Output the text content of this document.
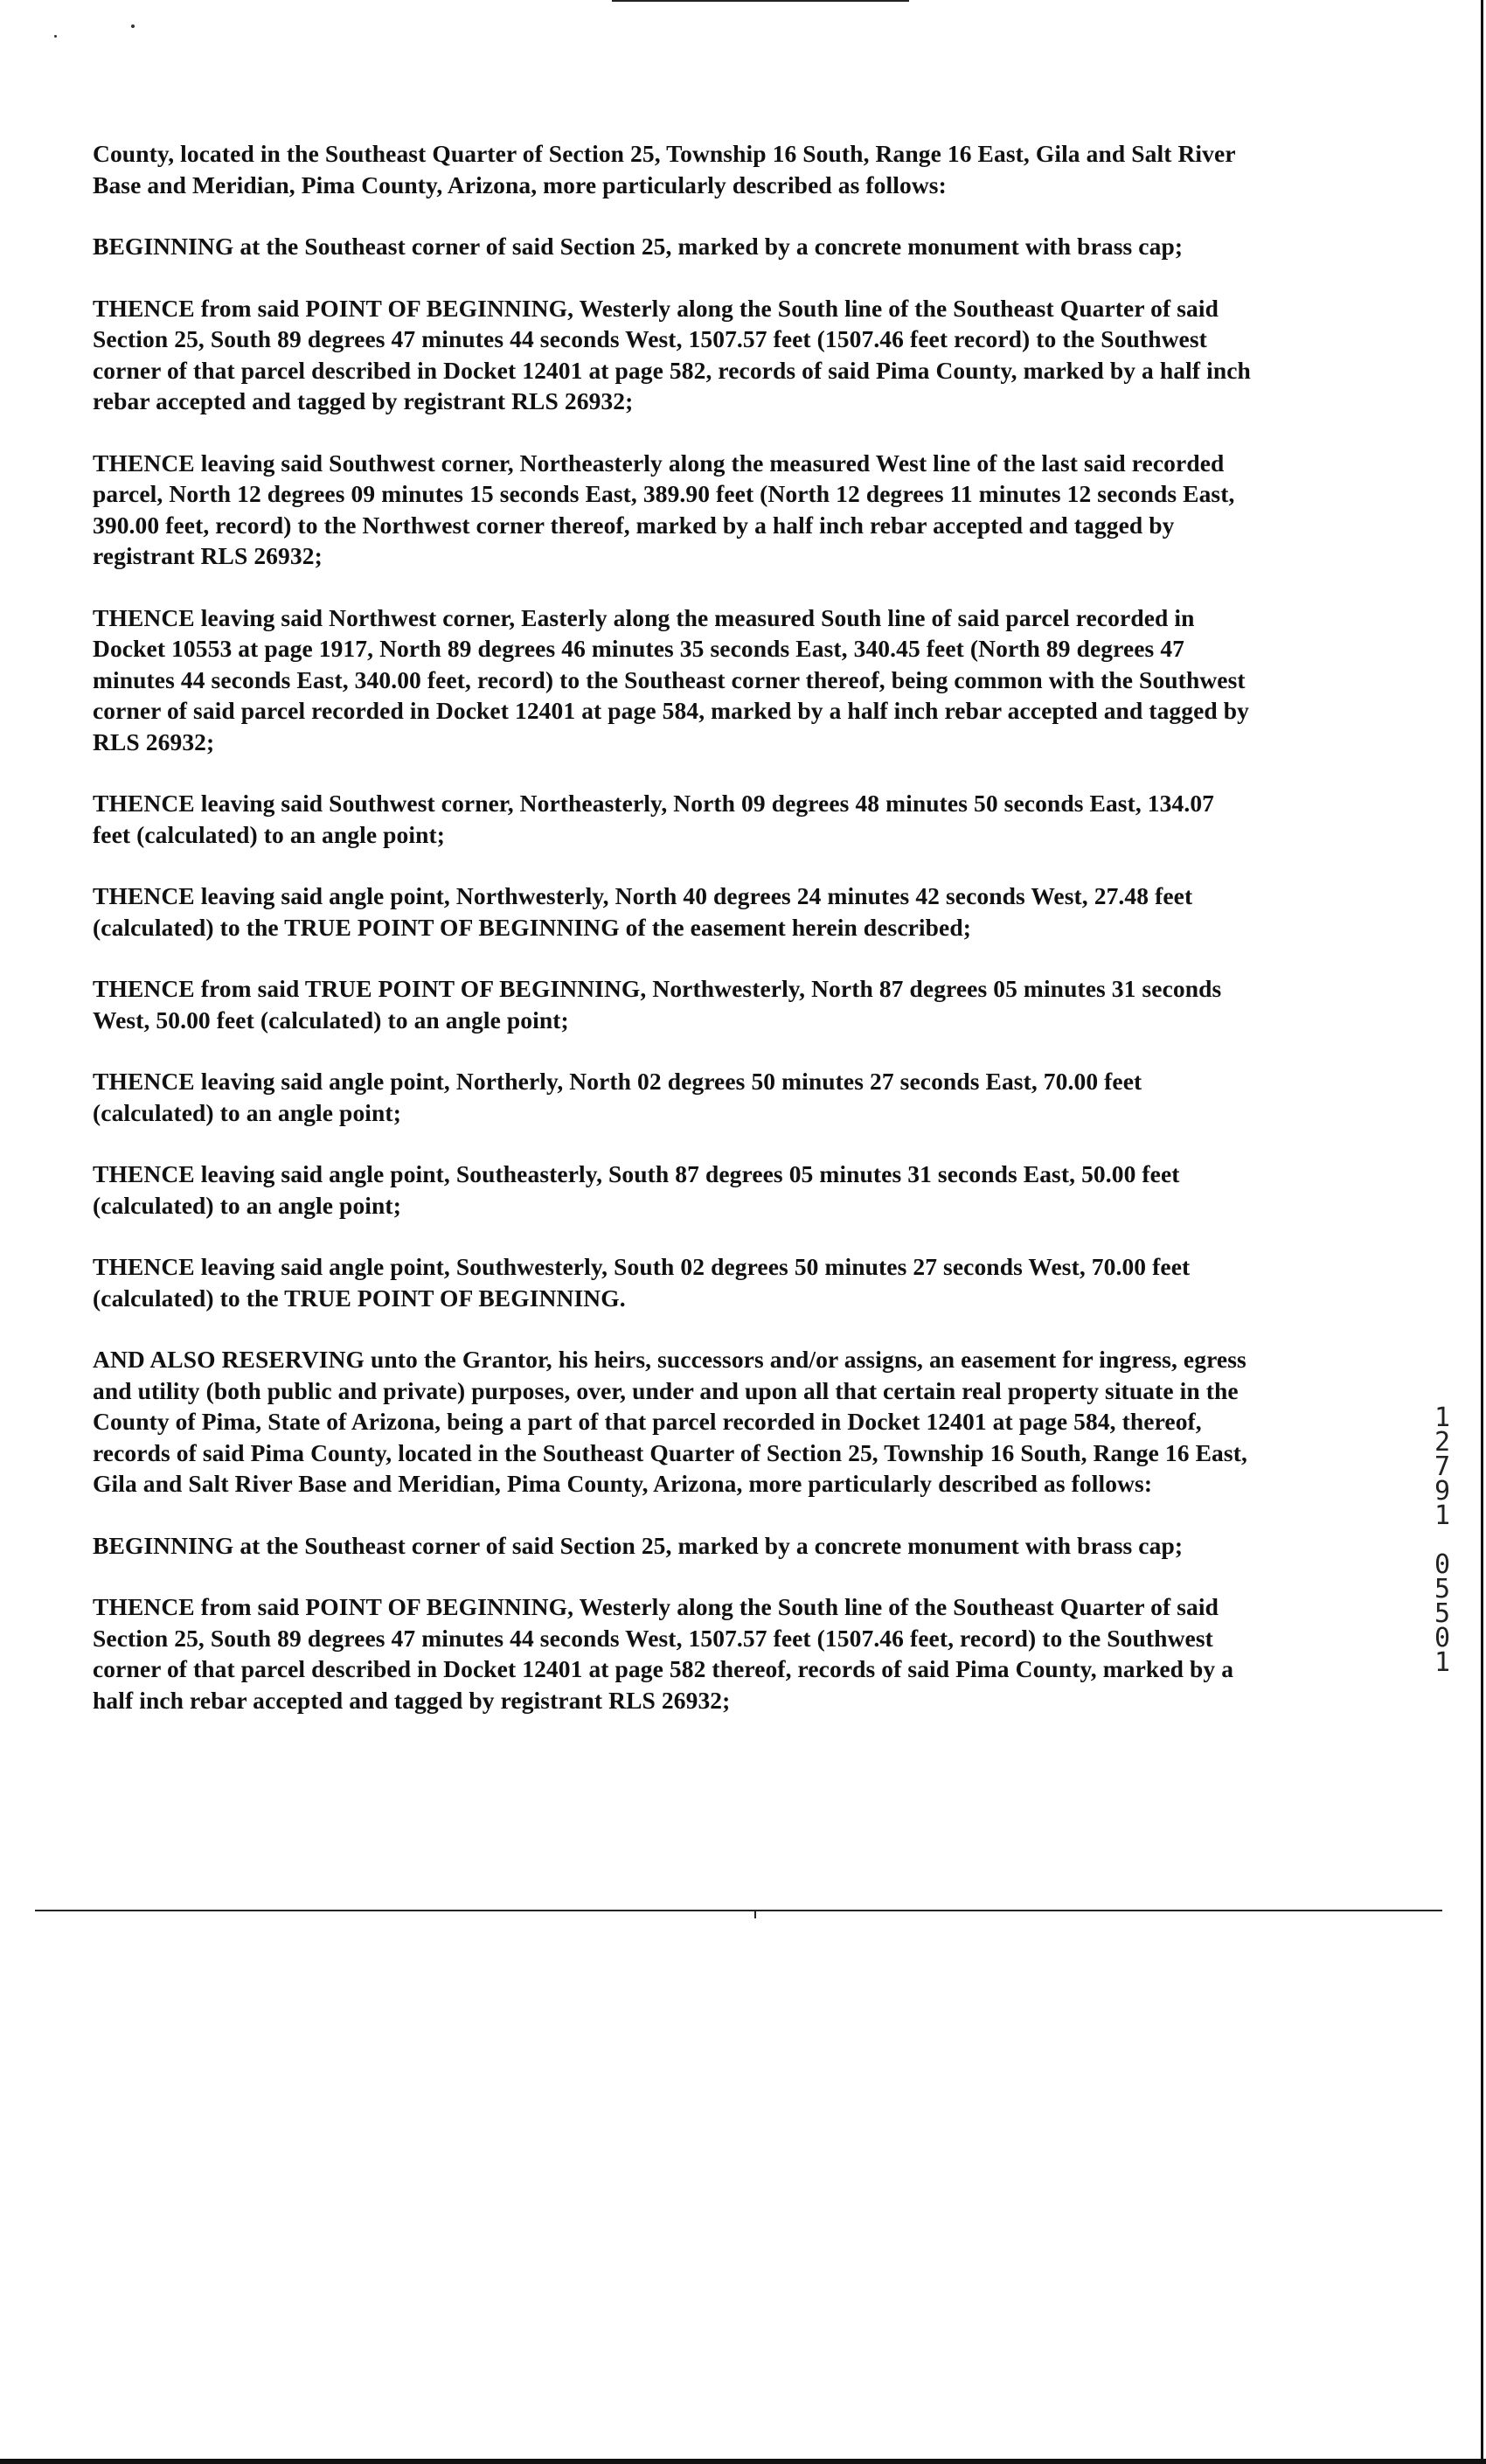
County, located in the Southeast Quarter of Section 25, Township 16 South, Range 16 East, Gila and Salt River
Base and Meridian, Pima County, Arizona, more particularly described as follows:

BEGINNING at the Southeast corner of said Section 25, marked by a concrete monument with brass cap;

THENCE from said POINT OF BEGINNING, Westerly along the South line of the Southeast Quarter of said
Section 25, South 89 degrees 47 minutes 44 seconds West, 1507.57 feet (1507.46 feet record) to the Southwest
corner of that parcel described in Docket 12401 at page 582, records of said Pima County, marked by a half inch
rebar accepted and tagged by registrant RLS 26932;

THENCE leaving said Southwest corner, Northeasterly along the measured West line of the last said recorded
parcel, North 12 degrees 09 minutes 15 seconds East, 389.90 feet (North 12 degrees 11 minutes 12 seconds East,
390.00 feet, record) to the Northwest corner thereof, marked by a half inch rebar accepted and tagged by
registrant RLS 26932;

THENCE leaving said Northwest corner, Easterly along the measured South line of said parcel recorded in
Docket 10553 at page 1917, North 89 degrees 46 minutes 35 seconds East, 340.45 feet (North 89 degrees 47
minutes 44 seconds East, 340.00 feet, record) to the Southeast corner thereof, being common with the Southwest
corner of said parcel recorded in Docket 12401 at page 584, marked by a half inch rebar accepted and tagged by
RLS 26932;

THENCE leaving said Southwest corner, Northeasterly, North 09 degrees 48 minutes 50 seconds East, 134.07
feet (calculated) to an angle point;

THENCE leaving said angle point, Northwesterly, North 40 degrees 24 minutes 42 seconds West, 27.48 feet
(calculated) to the TRUE POINT OF BEGINNING of the easement herein described;

THENCE from said TRUE POINT OF BEGINNING, Northwesterly, North 87 degrees 05 minutes 31 seconds
West, 50.00 feet (calculated) to an angle point;

THENCE leaving said angle point, Northerly, North 02 degrees 50 minutes 27 seconds East, 70.00 feet
(calculated) to an angle point;

THENCE leaving said angle point, Southeasterly, South 87 degrees 05 minutes 31 seconds East, 50.00 feet
(calculated) to an angle point;

THENCE leaving said angle point, Southwesterly, South 02 degrees 50 minutes 27 seconds West, 70.00 feet
(calculated) to the TRUE POINT OF BEGINNING.

AND ALSO RESERVING unto the Grantor, his heirs, successors and/or assigns, an easement for ingress, egress
and utility (both public and private) purposes, over, under and upon all that certain real property situate in the
County of Pima, State of Arizona, being a part of that parcel recorded in Docket 12401 at page 584, thereof,
records of said Pima County, located in the Southeast Quarter of Section 25, Township 16 South, Range 16 East,
Gila and Salt River Base and Meridian, Pima County, Arizona, more particularly described as follows:

BEGINNING at the Southeast corner of said Section 25, marked by a concrete monument with brass cap;

THENCE from said POINT OF BEGINNING, Westerly along the South line of the Southeast Quarter of said
Section 25, South 89 degrees 47 minutes 44 seconds West, 1507.57 feet (1507.46 feet, record) to the Southwest
corner of that parcel described in Docket 12401 at page 582 thereof, records of said Pima County, marked by a
half inch rebar accepted and tagged by registrant RLS 26932;

1
2
7
9
1

0
5
5
0
1
